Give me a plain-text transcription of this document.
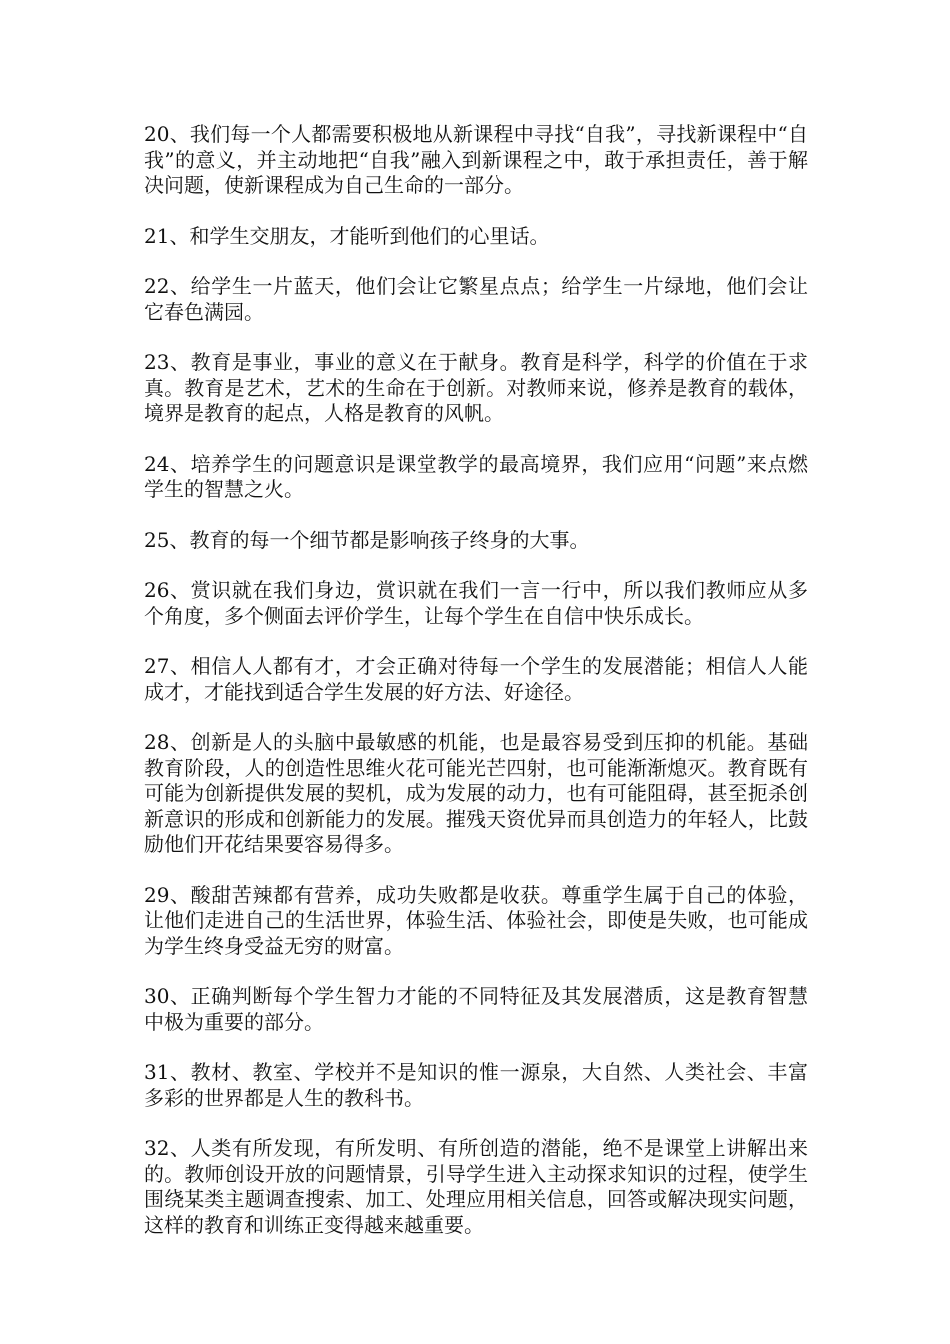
20、我们每一个人都需要积极地从新课程中寻找“自我”，寻找新课程中“自我”的意义，并主动地把“自我”融入到新课程之中，敢于承担责任，善于解决问题，使新课程成为自己生命的一部分。

21、和学生交朋友，才能听到他们的心里话。

22、给学生一片蓝天，他们会让它繁星点点；给学生一片绿地，他们会让它春色满园。

23、教育是事业，事业的意义在于献身。教育是科学，科学的价值在于求真。教育是艺术，艺术的生命在于创新。对教师来说，修养是教育的载体，境界是教育的起点，人格是教育的风帆。

24、培养学生的问题意识是课堂教学的最高境界，我们应用“问题”来点燃学生的智慧之火。

25、教育的每一个细节都是影响孩子终身的大事。

26、赏识就在我们身边，赏识就在我们一言一行中，所以我们教师应从多个角度，多个侧面去评价学生，让每个学生在自信中快乐成长。

27、相信人人都有才，才会正确对待每一个学生的发展潜能；相信人人能成才，才能找到适合学生发展的好方法、好途径。

28、创新是人的头脑中最敏感的机能，也是最容易受到压抑的机能。基础教育阶段，人的创造性思维火花可能光芒四射，也可能渐渐熄灭。教育既有可能为创新提供发展的契机，成为发展的动力，也有可能阻碍，甚至扼杀创新意识的形成和创新能力的发展。摧残天资优异而具创造力的年轻人，比鼓励他们开花结果要容易得多。

29、酸甜苦辣都有营养，成功失败都是收获。尊重学生属于自己的体验，让他们走进自己的生活世界，体验生活、体验社会，即使是失败，也可能成为学生终身受益无穷的财富。

30、正确判断每个学生智力才能的不同特征及其发展潜质，这是教育智慧中极为重要的部分。

31、教材、教室、学校并不是知识的惟一源泉，大自然、人类社会、丰富多彩的世界都是人生的教科书。

32、人类有所发现，有所发明、有所创造的潜能，绝不是课堂上讲解出来的。教师创设开放的问题情景，引导学生进入主动探求知识的过程，使学生围绕某类主题调查搜索、加工、处理应用相关信息，回答或解决现实问题，这样的教育和训练正变得越来越重要。
